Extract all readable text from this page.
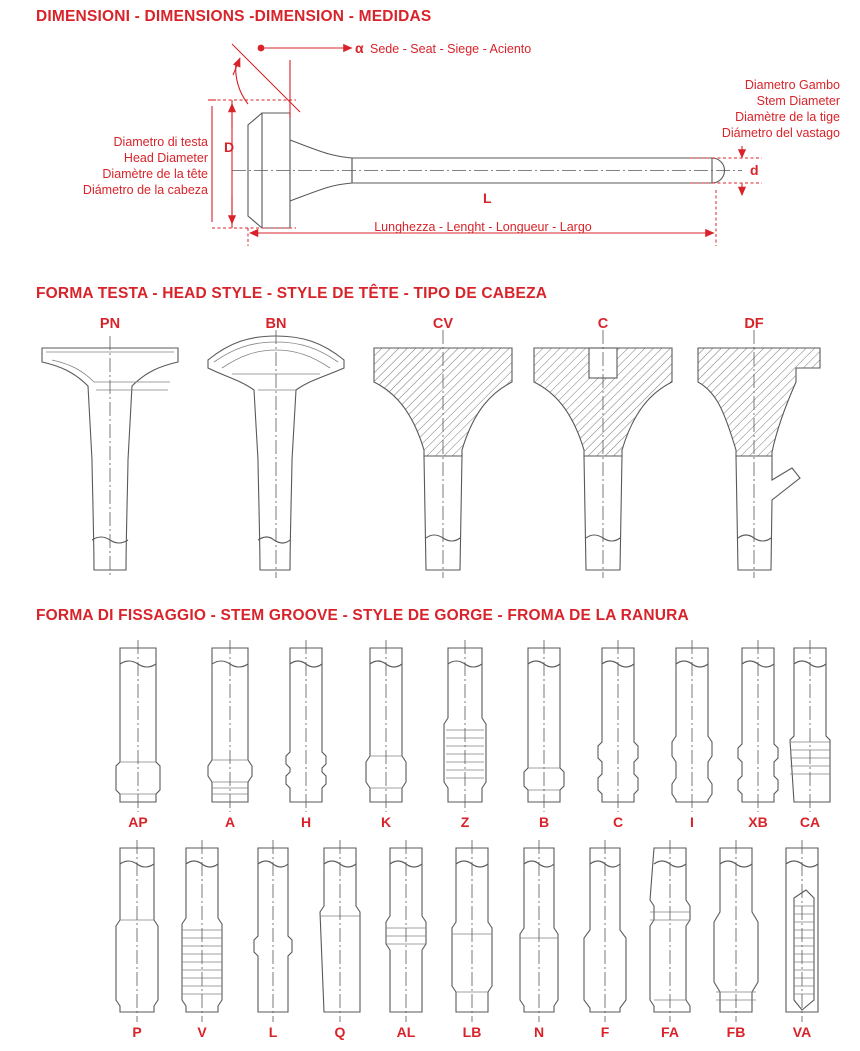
DIMENSIONI - DIMENSIONS -DIMENSION - MEDIDAS
FORMA TESTA - HEAD STYLE - STYLE DE TÊTE - TIPO DE CABEZA
FORMA DI FISSAGGIO - STEM GROOVE - STYLE DE GORGE - FROMA DE LA RANURA
α Sede - Seat - Siege - Aciento
Diametro Gambo
Stem Diameter
Diamètre de la tige
Diámetro del vastago
Diametro di testa
Head Diameter
Diamètre de la tête
Diámetro de la cabeza
D
d
L
Lunghezza - Lenght - Longueur - Largo
PN	BN	CV	C	DF
AP	A	H	K	Z	B	C	I	XB	CA
P	V	L	Q	AL	LB	N	F	FA	FB	VA
